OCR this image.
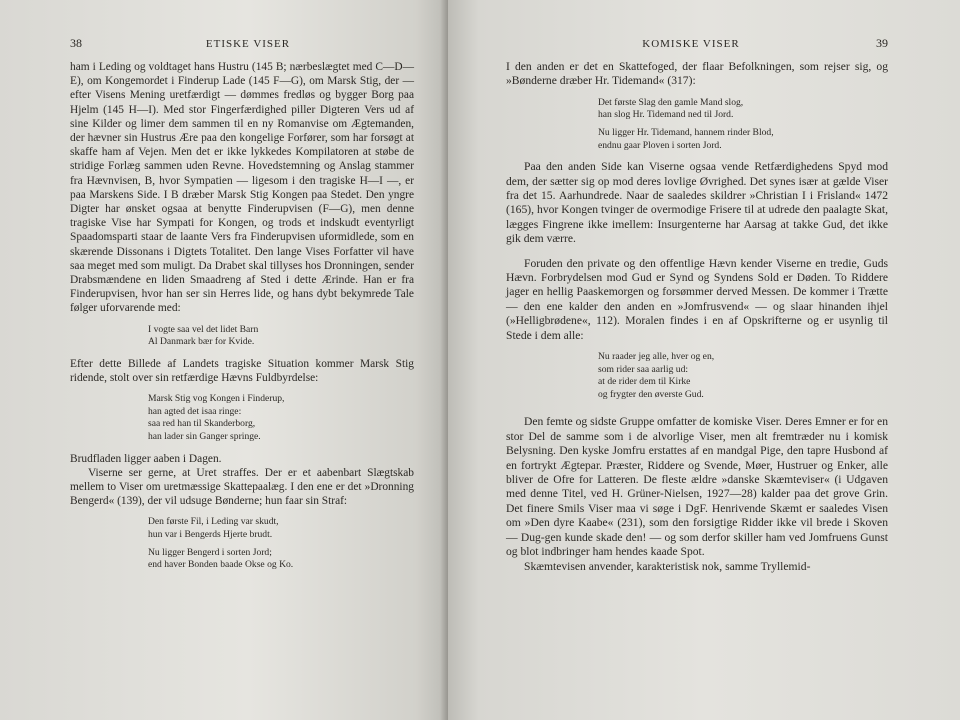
38	ETISKE VISER

ham i Leding og voldtaget hans Hustru (145 B; nærbeslægtet med C—D—E), om Kongemordet i Finderup Lade (145 F—G), om Marsk Stig, der — efter Visens Mening uretfærdigt — dømmes fredløs og bygger Borg paa Hjelm (145 H—I). Med stor Fingerfærdighed piller Digteren Vers ud af sine Kilder og limer dem sammen til en ny Romanvise om Ægtemanden, der hævner sin Hustrus Ære paa den kongelige Forfører, som har forsøgt at skaffe ham af Vejen. Men det er ikke lykkedes Kompilatoren at støbe de stridige Forlæg sammen uden Revne. Hovedstemning og Anslag stammer fra Hævnvisen, B, hvor Sympatien — ligesom i den tragiske H—I —, er paa Marskens Side. I B dræber Marsk Stig Kongen paa Stedet. Den yngre Digter har ønsket ogsaa at benytte Finderupvisen (F—G), men denne tragiske Vise har Sympati for Kongen, og trods et indskudt eventyrligt Spaadomsparti staar de laante Vers fra Finderupvisen uformidlede, som en skærende Dissonans i Digtets Totalitet. Den lange Vises Forfatter vil have saa meget med som muligt. Da Drabet skal tillyses hos Dronningen, sender Drabsmændene en liden Smaadreng af Sted i dette Ærinde. Han er fra Finderupvisen, hvor han ser sin Herres lide, og hans dybt bekymrede Tale følger uforvarende med:

I vogte saa vel det lidet Barn
Al Danmark bær for Kvide.

Efter dette Billede af Landets tragiske Situation kommer Marsk Stig ridende, stolt over sin retfærdige Hævns Fuldbyrdelse:

Marsk Stig vog Kongen i Finderup,
han agted det isaa ringe:
saa red han til Skanderborg,
han lader sin Ganger springe.

Brudfladen ligger aaben i Dagen.

Viserne ser gerne, at Uret straffes. Der er et aabenbart Slægtskab mellem to Viser om uretmæssige Skattepaalæg. I den ene er det »Dronning Bengerd« (139), der vil udsuge Bønderne; hun faar sin Straf:

Den første Fil, i Leding var skudt,
hun var i Bengerds Hjerte brudt.
Nu ligger Bengerd i sorten Jord;
end haver Bonden baade Okse og Ko.
KOMISKE VISER	39

I den anden er det en Skattefoged, der flaar Befolkningen, som rejser sig, og »Bønderne dræber Hr. Tidemand« (317):

Det første Slag den gamle Mand slog,
han slog Hr. Tidemand ned til Jord.
Nu ligger Hr. Tidemand, hannem rinder Blod,
endnu gaar Ploven i sorten Jord.

Paa den anden Side kan Viserne ogsaa vende Retfærdighedens Spyd mod dem, der sætter sig op mod deres lovlige Øvrighed. Det synes især at gælde Viser fra det 15. Aarhundrede. Naar de saaledes skildrer »Christian I i Frisland« 1472 (165), hvor Kongen tvinger de overmodige Frisere til at udrede den paalagte Skat, lægges Fingrene ikke imellem: Insurgenterne har Aarsag at takke Gud, det ikke gik dem værre.

Foruden den private og den offentlige Hævn kender Viserne en tredie, Guds Hævn. Forbrydelsen mod Gud er Synd og Syndens Sold er Døden. To Riddere jager en hellig Paaskemorgen og forsømmer derved Messen. De kommer i Trætte — den ene kalder den anden en »Jomfrusvend« — og slaar hinanden ihjel (»Helligbrødene«, 112). Moralen findes i en af Opskrifterne og er usynlig til Stede i dem alle:

Nu raader jeg alle, hver og en,
som rider saa aarlig ud:
at de rider dem til Kirke
og frygter den øverste Gud.

Den femte og sidste Gruppe omfatter de komiske Viser. Deres Emner er for en stor Del de samme som i de alvorlige Viser, men alt fremtræder nu i komisk Belysning. Den kyske Jomfru erstattes af en mandgal Pige, den tapre Husbond af en fortrykt Ægtepar. Præster, Riddere og Svende, Møer, Hustruer og Enker, alle bliver de Ofre for Latteren. De fleste ældre »danske Skæmteviser« (i Udgaven med denne Titel, ved H. Grüner-Nielsen, 1927—28) kalder paa det grove Grin. Det finere Smils Viser maa vi søge i DgF. Henrivende Skæmt er saaledes Visen om »Den dyre Kaabe« (231), som den forsigtige Ridder ikke vil brede i Skoven — Dug-gen kunde skade den! — og som derfor skiller ham ved Jomfruens Gunst og blot indbringer ham hendes kaade Spot.

Skæmtevisen anvender, karakteristisk nok, samme Tryllemid-
